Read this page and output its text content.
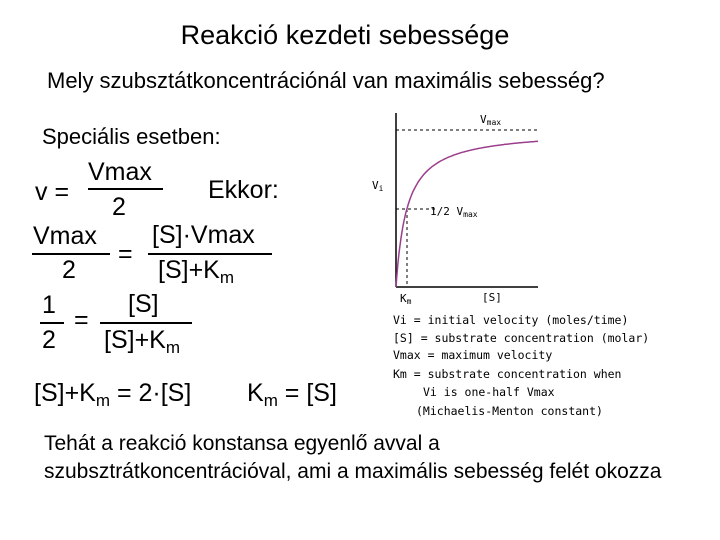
Reakció kezdeti sebessége
Mely szubsztátkoncentrációnál van maximális sebesség?
Speciális esetben:
v =
Vmax
2
Ekkor:
Vmax
2
=
[S]·Vmax
$[S]+K_m$
1
2
=
[S]
$[S]+K_m$
$[S]+K_m = 2\cdot[S] K_m = [S]$
Vmax
Vi
1/2 Vmax
Km	[S]
Vi = initial velocity (moles/time)
[S] = substrate concentration (molar)
Vmax = maximum velocity
Km = substrate concentration when
Vi is one-half Vmax
(Michaelis-Menton constant)
Tehát a reakció konstansa egyenlő avval a szubsztrátkoncentrációval, ami a maximális sebesség felét okozza
